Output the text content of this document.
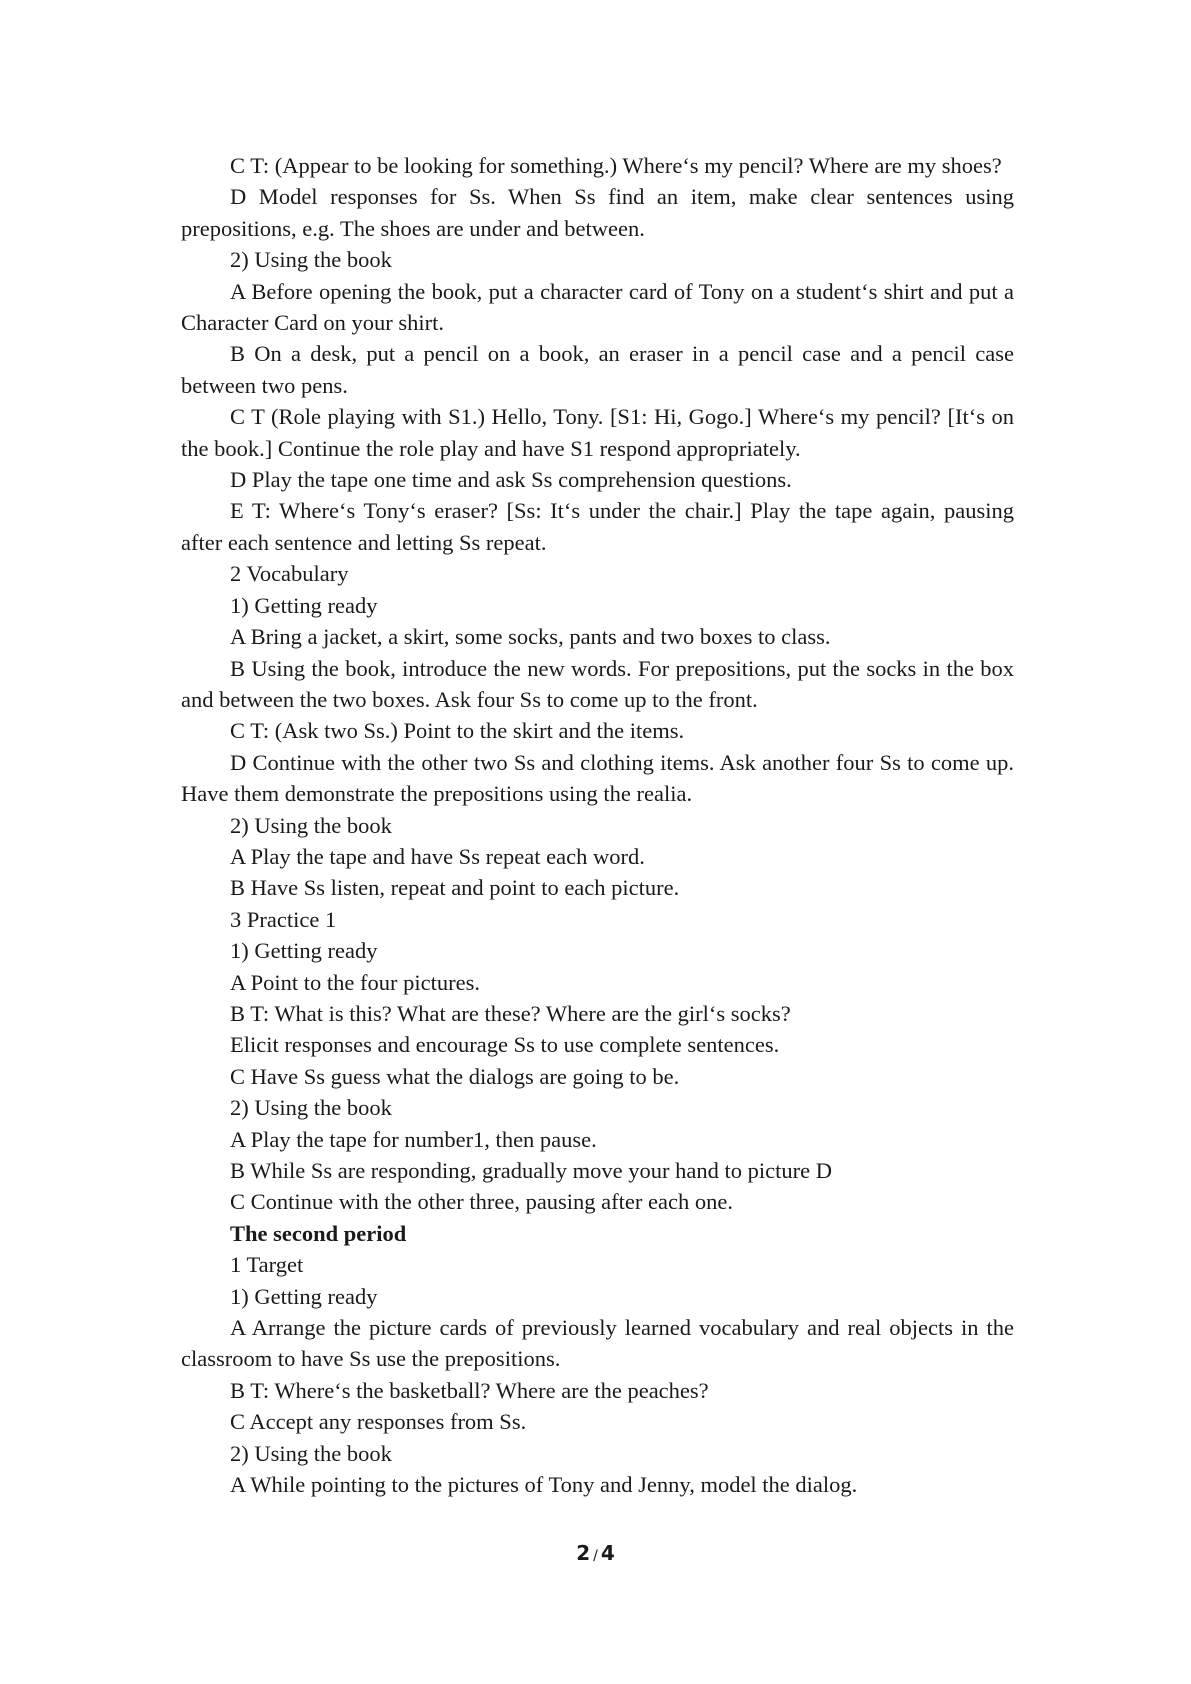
C T: (Appear to be looking for something.) Where‘s my pencil? Where are my shoes?

D Model responses for Ss. When Ss find an item, make clear sentences using prepositions, e.g. The shoes are under and between.

2) Using the book

A Before opening the book, put a character card of Tony on a student‘s shirt and put a Character Card on your shirt.

B On a desk, put a pencil on a book, an eraser in a pencil case and a pencil case between two pens.

C T (Role playing with S1.) Hello, Tony. [S1: Hi, Gogo.] Where‘s my pencil? [It‘s on the book.] Continue the role play and have S1 respond appropriately.

D Play the tape one time and ask Ss comprehension questions.

E T: Where‘s Tony‘s eraser? [Ss: It‘s under the chair.] Play the tape again, pausing after each sentence and letting Ss repeat.

2 Vocabulary

1) Getting ready

A Bring a jacket, a skirt, some socks, pants and two boxes to class.

B Using the book, introduce the new words. For prepositions, put the socks in the box and between the two boxes. Ask four Ss to come up to the front.

C T: (Ask two Ss.) Point to the skirt and the items.

D Continue with the other two Ss and clothing items. Ask another four Ss to come up. Have them demonstrate the prepositions using the realia.

2) Using the book

A Play the tape and have Ss repeat each word.

B Have Ss listen, repeat and point to each picture.

3 Practice 1

1) Getting ready

A Point to the four pictures.

B T: What is this? What are these? Where are the girl‘s socks?

Elicit responses and encourage Ss to use complete sentences.

C Have Ss guess what the dialogs are going to be.

2) Using the book

A Play the tape for number1, then pause.

B While Ss are responding, gradually move your hand to picture D

C Continue with the other three, pausing after each one.

The second period

1 Target

1) Getting ready

A Arrange the picture cards of previously learned vocabulary and real objects in the classroom to have Ss use the prepositions.

B T: Where‘s the basketball? Where are the peaches?

C Accept any responses from Ss.

2) Using the book

A While pointing to the pictures of Tony and Jenny, model the dialog.

2 / 4
